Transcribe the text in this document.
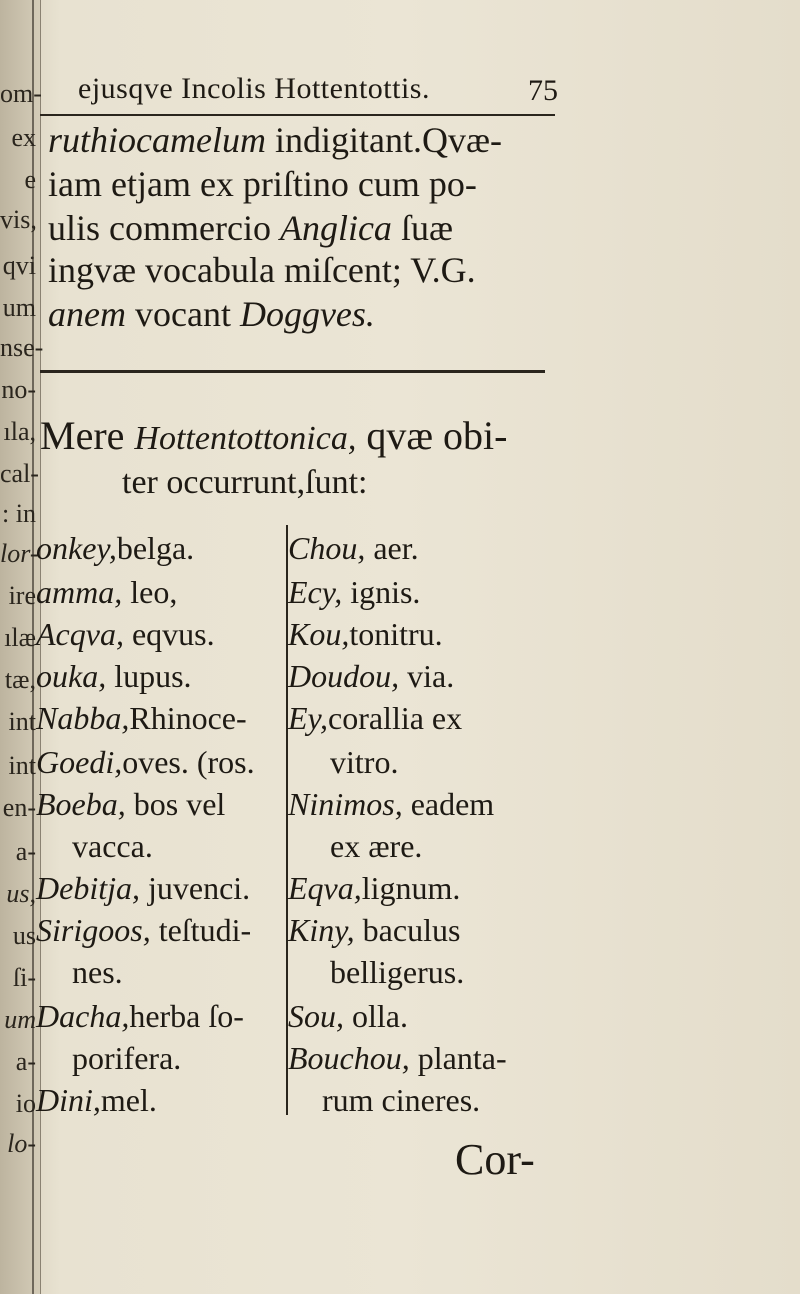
om-
ex
e
vis,
qvi
um
nse-
no-
ıla,
cal-
: in
lor-
ire
ılæ
tæ,
int
int
en-
a-
us,
us
ſi-
um
a-
io
lo-
ejusqve Incolis Hottentottis.	75
ruthiocamelum indigitant.Qvæ-
iam etjam ex priſtino cum po-
ulis commercio Anglica ſuæ
ingvæ vocabula miſcent; V.G.
anem vocant Doggves.
Mere Hottentottonica, qvæ obi-
ter occurrunt,ſunt:
onkey,belga.
amma, leo,
Acqva, eqvus.
ouka, lupus.
Nabba,Rhinoce-
Goedi,oves. (ros.
Boeba, bos vel
vacca.
Debitja, juvenci.
Sirigoos, teſtudi-
nes.
Dacha,herba ſo-
porifera.
Dini,mel.
Chou, aer.
Ecy, ignis.
Kou,tonitru.
Doudou, via.
Ey,corallia ex
vitro.
Ninimos, eadem
ex ære.
Eqva,lignum.
Kiny, baculus
belligerus.
Sou, olla.
Bouchou, planta-
rum cineres.
Cor-
